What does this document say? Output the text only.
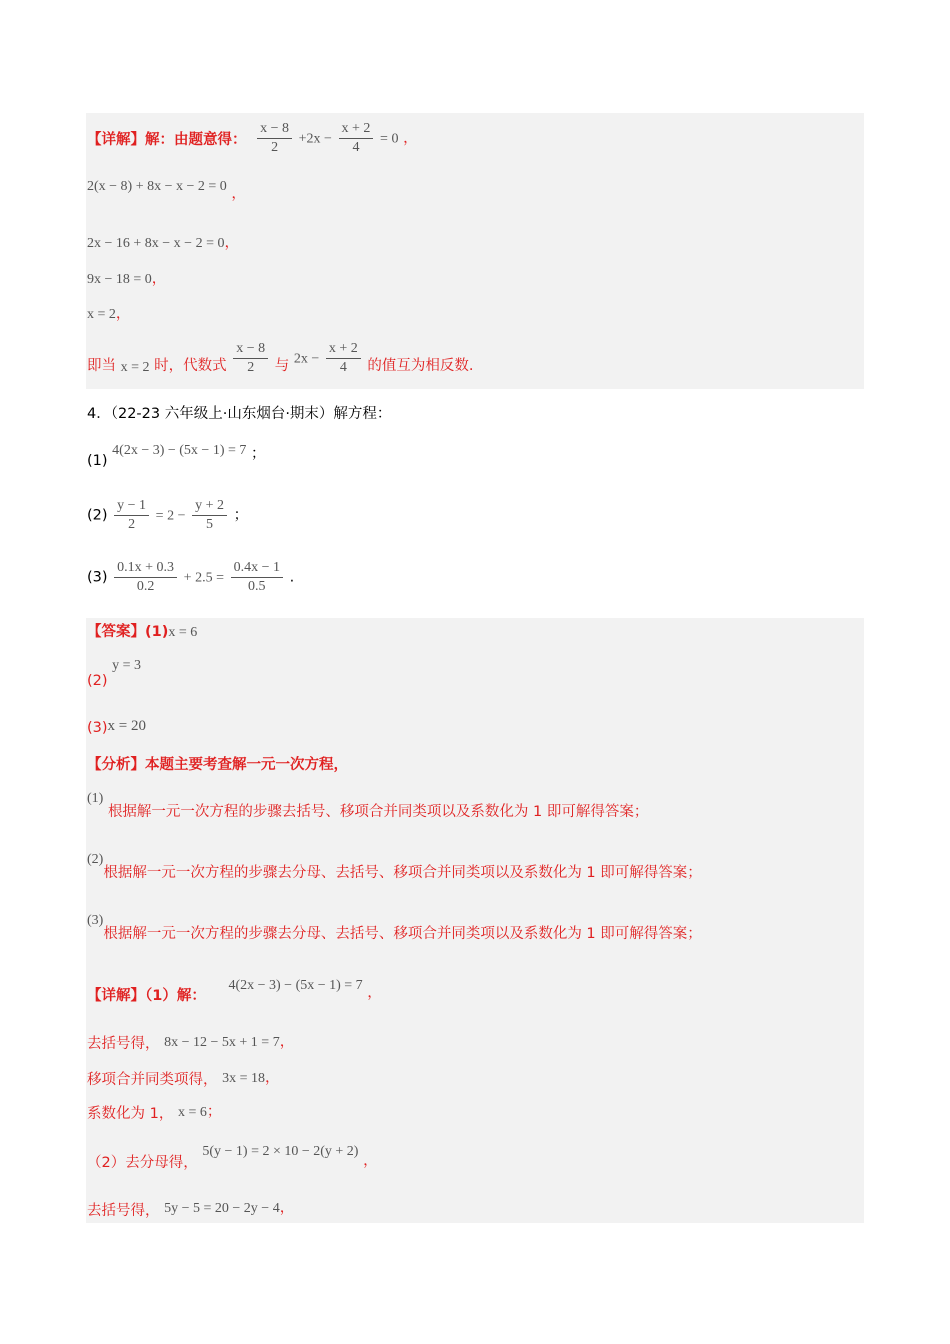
【详解】解：由题意得： $\frac{x - 8}{2} +2x - \frac{x + 2}{4} = 0$ ，
2(x − 8) + 8x − x − 2 = 0 ，
2x − 16 + 8x − x − 2 = 0，
9x − 18 = 0，
x = 2，
即当 x = 2 时，代数式 $\frac{x - 8}{2}$ 与 $2x - \frac{x + 2}{4}$ 的值互为相反数.
4．（22-23 六年级上·山东烟台·期末）解方程：
(1) 4(2x − 3) − (5x − 1) = 7 ；
$(2) \frac{y - 1}{2} = 2 - \frac{y + 2}{5}$ ；
$(3) \frac{0.1x + 0.3}{0.2} + 2.5 = \frac{0.4x - 1}{0.5}$ .
【答案】(1)x = 6
(2) y = 3
(3)x = 20
【分析】本题主要考查解一元一次方程，
(1) 根据解一元一次方程的步骤去括号、移项合并同类项以及系数化为 1 即可解得答案；
(2)根据解一元一次方程的步骤去分母、去括号、移项合并同类项以及系数化为 1 即可解得答案；
(3)根据解一元一次方程的步骤去分母、去括号、移项合并同类项以及系数化为 1 即可解得答案；
【详解】（1）解： 4(2x − 3) − (5x − 1) = 7 ，
去括号得， 8x − 12 − 5x + 1 = 7，
移项合并同类项得， 3x = 18，
系数化为 1， x = 6；
（2）去分母得， 5(y − 1) = 2 × 10 − 2(y + 2) ，
去括号得， 5y − 5 = 20 − 2y − 4，
